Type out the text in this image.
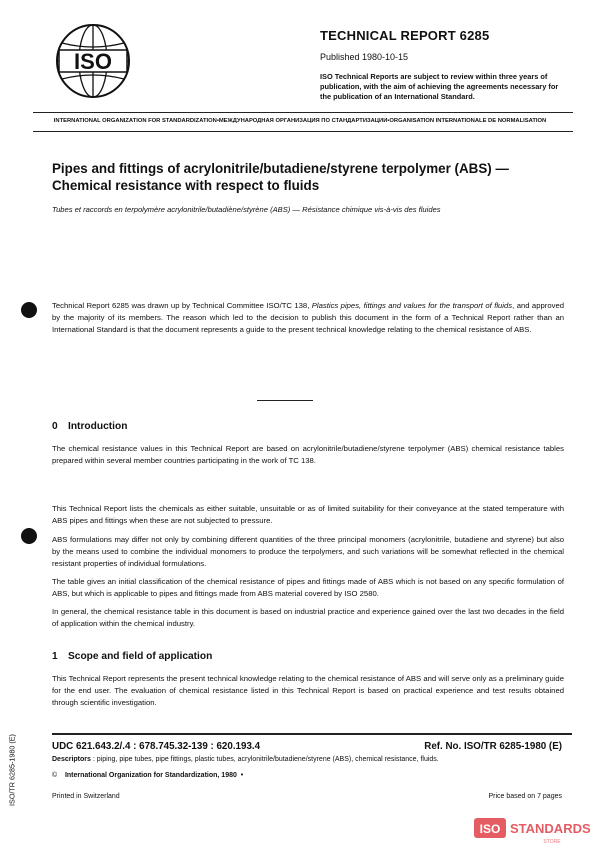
ISO
TECHNICAL REPORT 6285
Published 1980-10-15
ISO Technical Reports are subject to review within three years of publication, with the aim of achieving the agreements necessary for the publication of an International Standard.
INTERNATIONAL ORGANIZATION FOR STANDARDIZATION•МЕЖДУНАРОДНАЯ ОРГАНИЗАЦИЯ ПО СТАНДАРТИЗАЦИИ•ORGANISATION INTERNATIONALE DE NORMALISATION
Pipes and fittings of acrylonitrile/butadiene/styrene terpolymer (ABS) —
Chemical resistance with respect to fluids
Tubes et raccords en terpolymère acrylonitrile/butadiène/styrène (ABS) — Résistance chimique vis-à-vis des fluides
Technical Report 6285 was drawn up by Technical Committee ISO/TC 138, Plastics pipes, fittings and values for the transport of fluids, and approved by the majority of its members. The reason which led to the decision to publish this document in the form of a Technical Report rather than an International Standard is that the document represents a guide to the present technical knowledge relating to the chemical resistance of ABS.
0 Introduction
The chemical resistance values in this Technical Report are based on acrylonitrile/butadiene/styrene terpolymer (ABS) chemical resistance tables prepared within several member countries participating in the work of TC 138.
This Technical Report lists the chemicals as either suitable, unsuitable or as of limited suitability for their conveyance at the stated temperature with ABS pipes and fittings when these are not subjected to pressure.
ABS formulations may differ not only by combining different quantities of the three principal monomers (acrylonitrile, butadiene and styrene) but also by the means used to combine the individual monomers to produce the terpolymers, and such variations will be somewhat reflected in the chemical resistant properties of individual formulations.
The table gives an initial classification of the chemical resistance of pipes and fittings made of ABS which is not based on any specific formulation of ABS, but which is applicable to pipes and fittings made from ABS material covered by ISO 2580.
In general, the chemical resistance table in this document is based on industrial practice and experience gained over the last two decades in the field of application within the chemical industry.
1 Scope and field of application
This Technical Report represents the present technical knowledge relating to the chemical resistance of ABS and will serve only as a preliminary guide for the end user. The evaluation of chemical resistance listed in this Technical Report is based on practical experience and test results obtained through scientific investigation.
UDC 621.643.2/.4 : 678.745.32-139 : 620.193.4	Ref. No. ISO/TR 6285-1980 (E)
Descriptors : piping, pipe tubes, pipe fittings, plastic tubes, acrylonitrile/butadiene/styrene (ABS), chemical resistance, fluids.
© International Organization for Standardization, 1980 •
Printed in Switzerland	Price based on 7 pages
ISO/TR 6285-1980 (E)
ISO STANDARDS
STORE
